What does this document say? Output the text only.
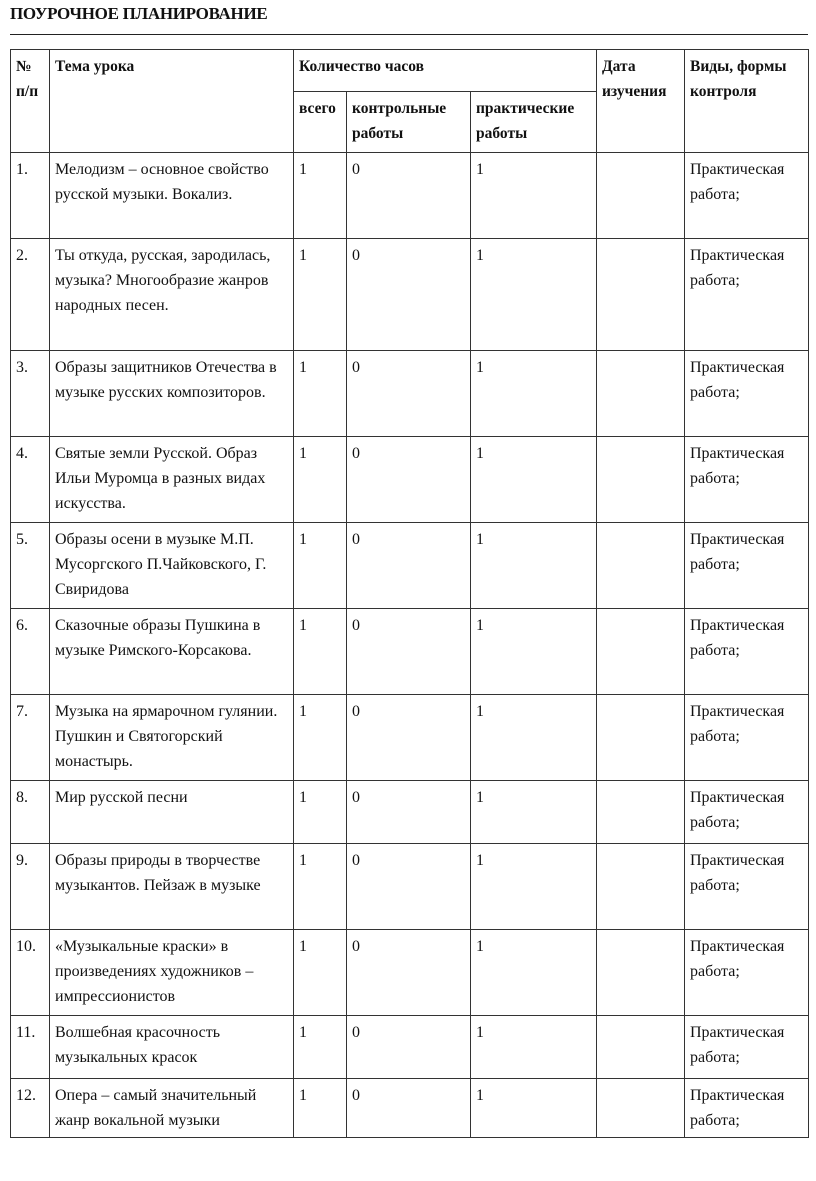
ПОУРОЧНОЕ ПЛАНИРОВАНИЕ
№ п/п	Тема урока	Количество часов			Дата изучения	Виды, формы контроля
		всего	контрольные работы	практические работы		
1.	Мелодизм – основное свойство русской музыки. Вокализ.	1	0	1		Практическая работа;
2.	Ты откуда, русская, зародилась, музыка? Многообразие жанров народных песен.	1	0	1		Практическая работа;
3.	Образы защитников Отечества в музыке русских композиторов.	1	0	1		Практическая работа;
4.	Святые земли Русской. Образ Ильи Муромца в разных видах искусства.	1	0	1		Практическая работа;
5.	Образы осени в музыке М.П. Мусоргского П.Чайковского, Г. Свиридова	1	0	1		Практическая работа;
6.	Сказочные образы Пушкина в музыке Римского-Корсакова.	1	0	1		Практическая работа;
7.	Музыка на ярмарочном гулянии. Пушкин и Святогорский монастырь.	1	0	1		Практическая работа;
8.	Мир русской песни	1	0	1		Практическая работа;
9.	Образы природы в творчестве музыкантов. Пейзаж в музыке	1	0	1		Практическая работа;
10.	«Музыкальные краски» в произведениях художников – импрессионистов	1	0	1		Практическая работа;
11.	Волшебная красочность музыкальных красок	1	0	1		Практическая работа;
12.	Опера – самый значительный жанр вокальной музыки	1	0	1		Практическая работа;
